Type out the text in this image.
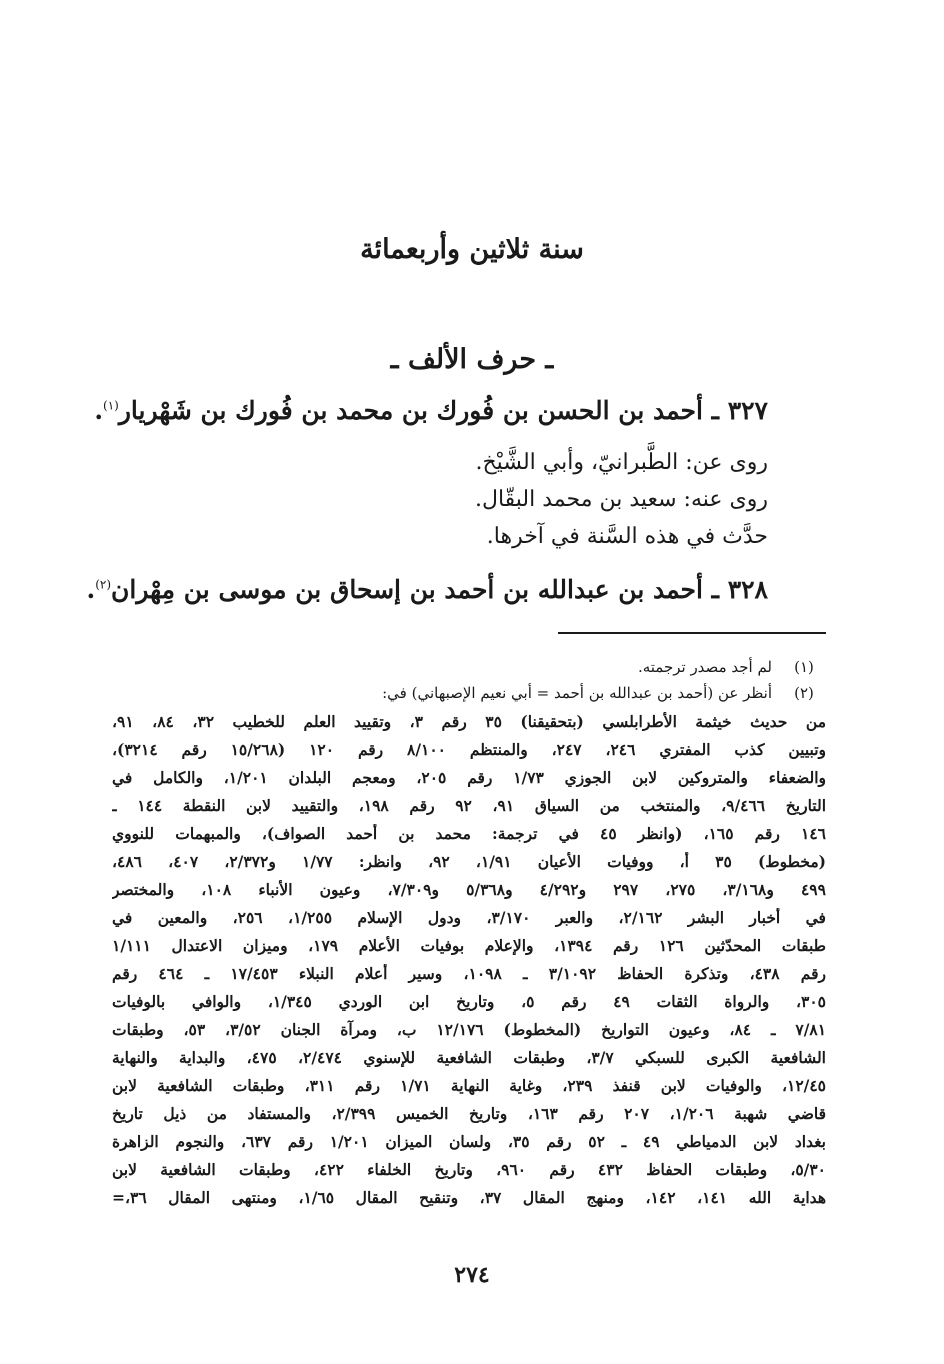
سنة ثلاثين وأربعمائة
ـ حرف الألف ـ
٣٢٧ ـ أحمد بن الحسن بن فُورك بن محمد بن فُورك بن شَهْريار$^{(١)}$.
روى عن: الطَّبرانيّ، وأبي الشَّيْخ.
روى عنه: سعيد بن محمد البقّال.
حدَّث في هذه السَّنة في آخرها.
٣٢٨ ـ أحمد بن عبدالله بن أحمد بن إسحاق بن موسى بن مِهْران$^{(٢)}$.
(١)
لم أجد مصدر ترجمته.
(٢)
أنظر عن (أحمد بن عبدالله بن أحمد = أبي نعيم الإصبهاني) في:
من حديث خيثمة الأطرابلسي (بتحقيقنا) ٣٥ رقم ٣، وتقييد العلم للخطيب ٣٢، ٨٤، ٩١،
وتبيين كذب المفتري ٢٤٦، ٢٤٧، والمنتظم ٨/١٠٠ رقم ١٢٠ (١٥/٢٦٨ رقم ٣٢١٤)،
والضعفاء والمتروكين لابن الجوزي ١/٧٣ رقم ٢٠٥، ومعجم البلدان ١/٢٠١، والكامل في
التاريخ ٩/٤٦٦، والمنتخب من السياق ٩١، ٩٢ رقم ١٩٨، والتقييد لابن النقطة ١٤٤ ـ
١٤٦ رقم ١٦٥، (وانظر ٤٥ في ترجمة: محمد بن أحمد الصواف)، والمبهمات للنووي
(مخطوط) ٣٥ أ، ووفيات الأعيان ١/٩١، ٩٢، وانظر: ١/٧٧ و٢/٣٧٢، ٤٠٧، ٤٨٦،
٤٩٩ و٣/١٦٨، ٢٧٥، ٢٩٧ و٤/٢٩٢ و٥/٣٦٨ و٧/٣٠٩، وعيون الأنباء ١٠٨، والمختصر
في أخبار البشر ٢/١٦٢، والعبر ٣/١٧٠، ودول الإسلام ١/٢٥٥، ٢٥٦، والمعين في
طبقات المحدّثين ١٢٦ رقم ١٣٩٤، والإعلام بوفيات الأعلام ١٧٩، وميزان الاعتدال ١/١١١
رقم ٤٣٨، وتذكرة الحفاظ ٣/١٠٩٢ ـ ١٠٩٨، وسير أعلام النبلاء ١٧/٤٥٣ ـ ٤٦٤ رقم
٣٠٥، والرواة الثقات ٤٩ رقم ٥، وتاريخ ابن الوردي ١/٣٤٥، والوافي بالوفيات
٧/٨١ ـ ٨٤، وعيون التواريخ (المخطوط) ١٢/١٧٦ ب، ومرآة الجنان ٣/٥٢، ٥٣، وطبقات
الشافعية الكبرى للسبكي ٣/٧، وطبقات الشافعية للإسنوي ٢/٤٧٤، ٤٧٥، والبداية والنهاية
١٢/٤٥، والوفيات لابن قنفذ ٢٣٩، وغاية النهاية ١/٧١ رقم ٣١١، وطبقات الشافعية لابن
قاضي شهبة ١/٢٠٦، ٢٠٧ رقم ١٦٣، وتاريخ الخميس ٢/٣٩٩، والمستفاد من ذيل تاريخ
بغداد لابن الدمياطي ٤٩ ـ ٥٢ رقم ٣٥، ولسان الميزان ١/٢٠١ رقم ٦٣٧، والنجوم الزاهرة
٥/٣٠، وطبقات الحفاظ ٤٣٢ رقم ٩٦٠، وتاريخ الخلفاء ٤٢٢، وطبقات الشافعية لابن
هداية الله ١٤١، ١٤٢، ومنهج المقال ٣٧، وتنقيح المقال ١/٦٥، ومنتهى المقال ٣٦،=
٢٧٤
